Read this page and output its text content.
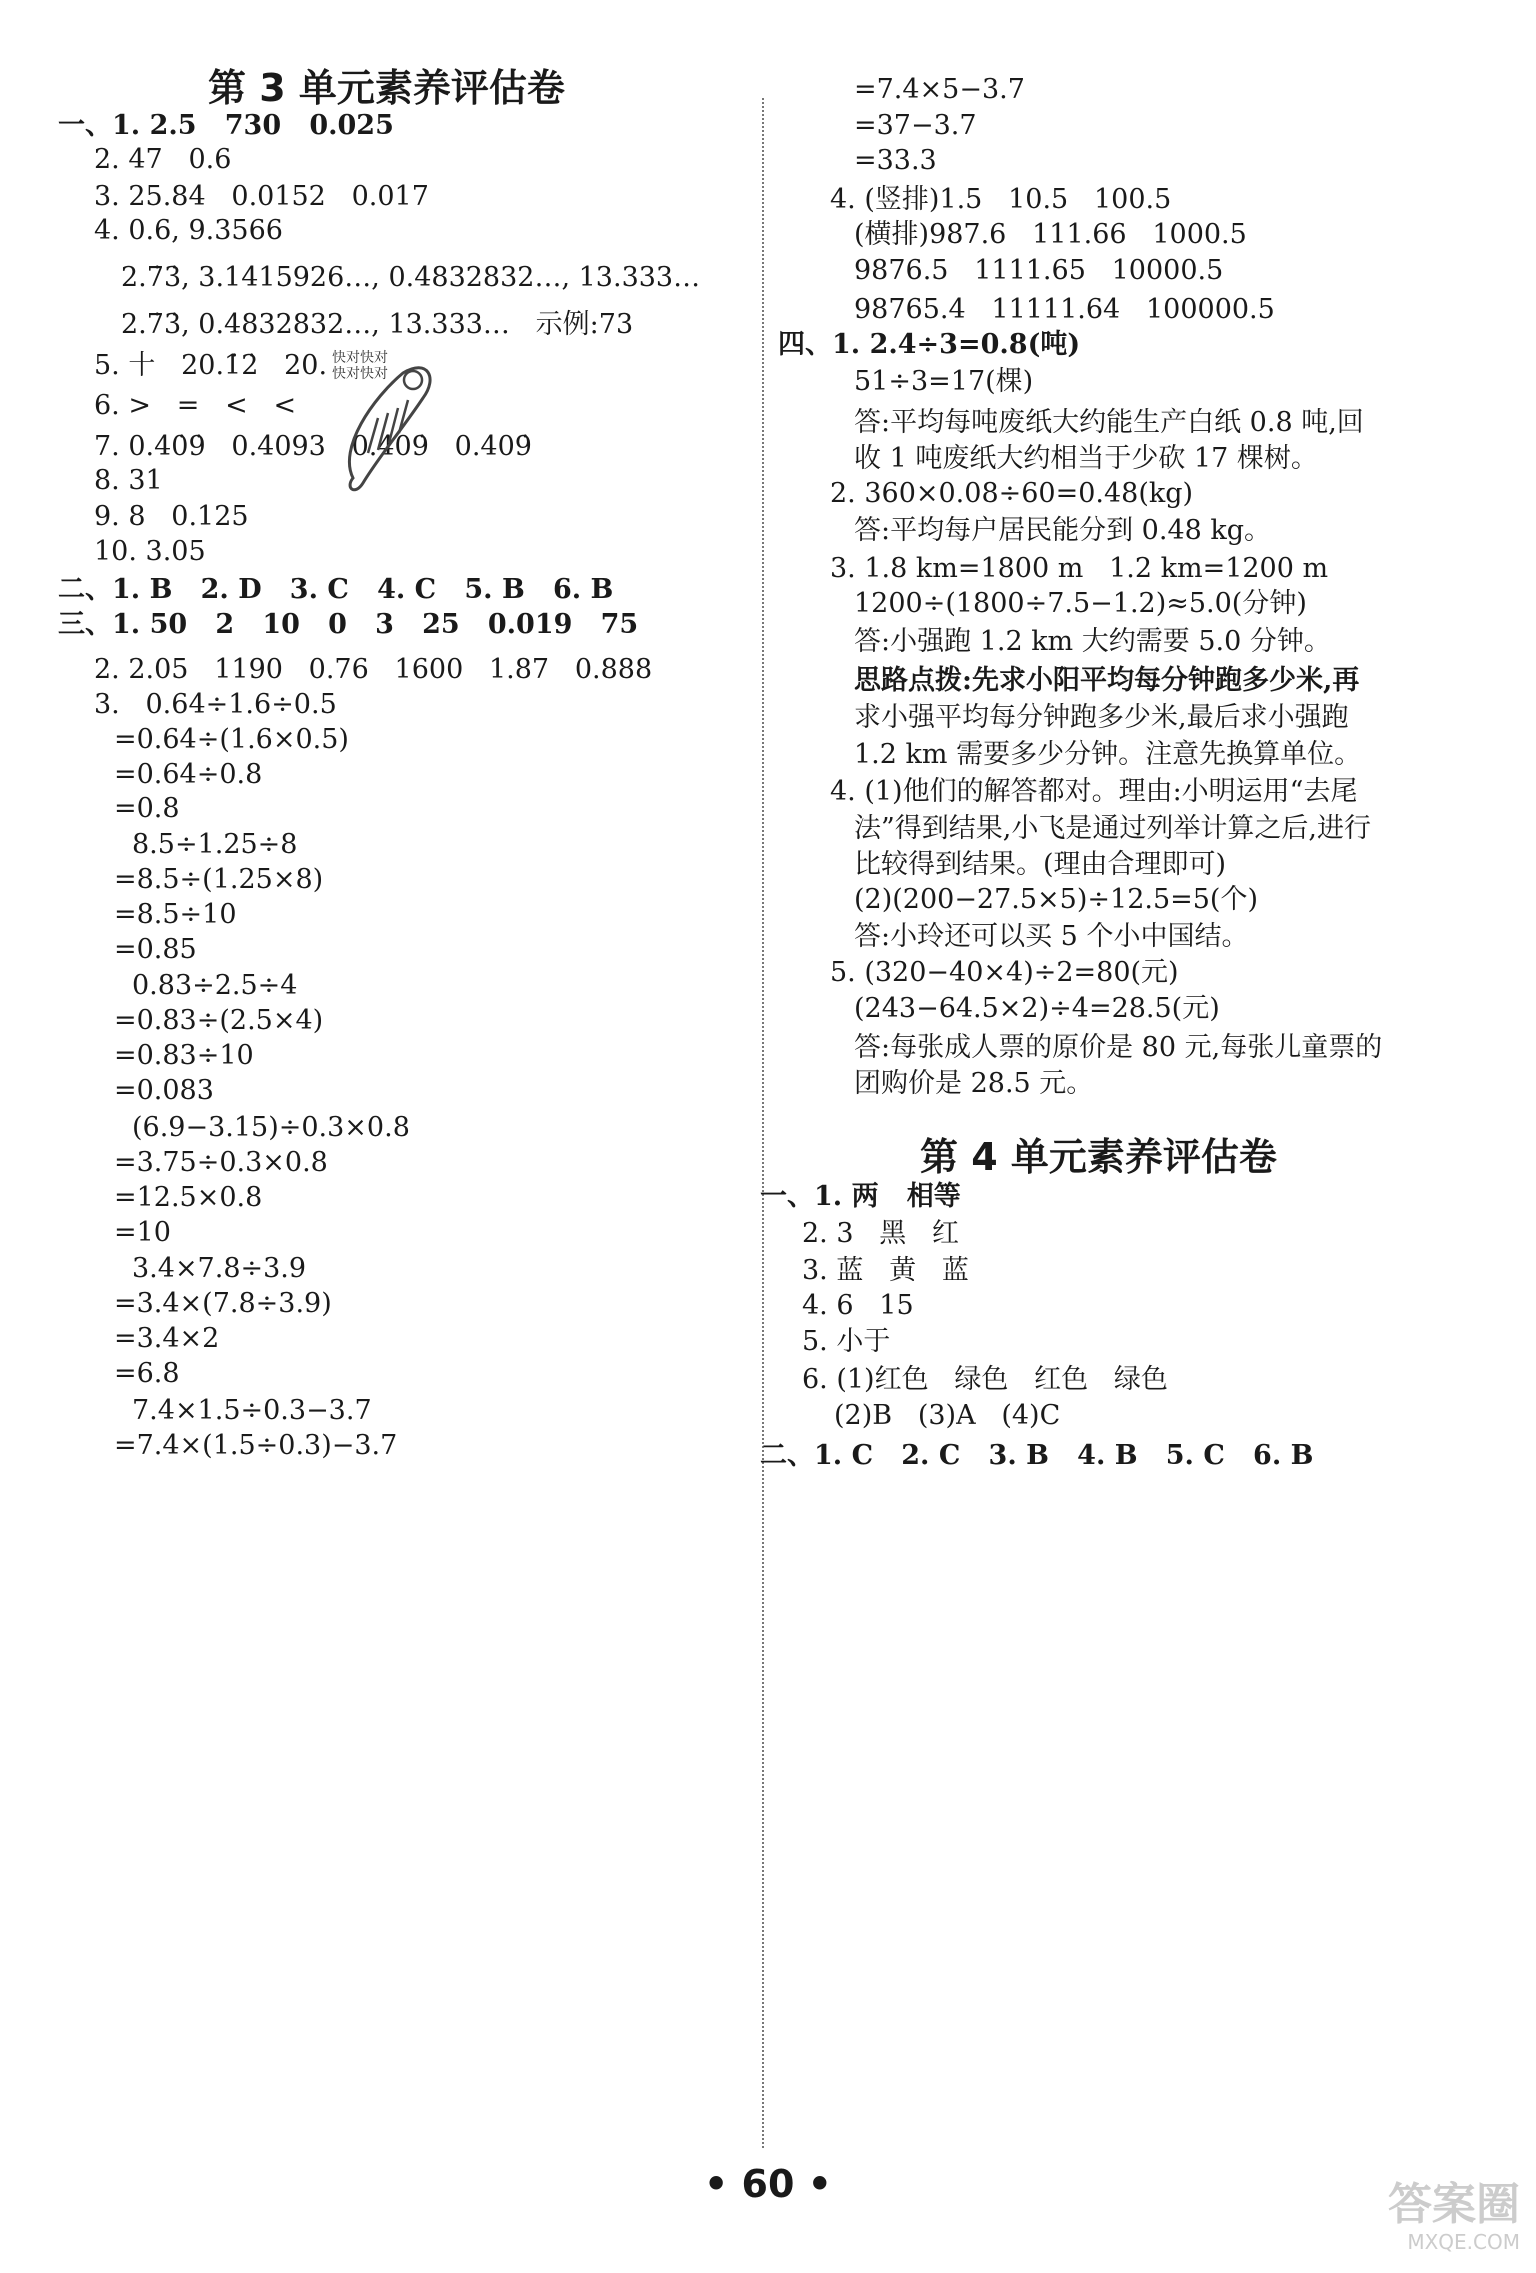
第 3 单元素养评估卷
一、1. 2.5   730   0.025
2. 47   0.6
3. 25.84   0.0152   0.017
4. 0.6, 9.3566
2.7̇3̇, 3.1415926…, 0.4832832…, 13.333…
2.7̇3̇, 0.4832832…, 13.333…   示例:73
5. 十   20.1̇2̇   20. 快对快对
快对快对
6. >   =   <   <
7. 0.40̇9̇   0.4093   0.4̇09̇   0.409̇
8. 31
9. 8   0.125
10. 3.05
二、1. B   2. D   3. C   4. C   5. B   6. B
三、1. 50   2   10   0   3   25   0.019   75
2. 2.05   1190   0.76   1600   1.87   0.888
3.   0.64÷1.6÷0.5
=0.64÷(1.6×0.5)
=0.64÷0.8
=0.8
8.5÷1.25÷8
=8.5÷(1.25×8)
=8.5÷10
=0.85
0.83÷2.5÷4
=0.83÷(2.5×4)
=0.83÷10
=0.083
(6.9−3.15)÷0.3×0.8
=3.75÷0.3×0.8
=12.5×0.8
=10
3.4×7.8÷3.9
=3.4×(7.8÷3.9)
=3.4×2
=6.8
7.4×1.5÷0.3−3.7
=7.4×(1.5÷0.3)−3.7
=7.4×5−3.7
=37−3.7
=33.3
4. (竖排)1.5   10.5   100.5
(横排)987.6   111.66   1000.5
9876.5   1111.65   10000.5
98765.4   11111.64   100000.5
四、1. 2.4÷3=0.8(吨)
51÷3=17(棵)
答:平均每吨废纸大约能生产白纸 0.8 吨,回
收 1 吨废纸大约相当于少砍 17 棵树。
2. 360×0.08÷60=0.48(kg)
答:平均每户居民能分到 0.48 kg。
3. 1.8 km=1800 m   1.2 km=1200 m
1200÷(1800÷7.5−1.2)≈5.0(分钟)
答:小强跑 1.2 km 大约需要 5.0 分钟。
思路点拨:先求小阳平均每分钟跑多少米,再
求小强平均每分钟跑多少米,最后求小强跑
1.2 km 需要多少分钟。注意先换算单位。
4. (1)他们的解答都对。理由:小明运用“去尾
法”得到结果,小飞是通过列举计算之后,进行
比较得到结果。(理由合理即可)
(2)(200−27.5×5)÷12.5=5(个)
答:小玲还可以买 5 个小中国结。
5. (320−40×4)÷2=80(元)
(243−64.5×2)÷4=28.5(元)
答:每张成人票的原价是 80 元,每张儿童票的
团购价是 28.5 元。
第 4 单元素养评估卷
一、1. 两   相等
2. 3   黑   红
3. 蓝   黄   蓝
4. 6   15
5. 小于
6. (1)红色   绿色   红色   绿色
(2)B   (3)A   (4)C
二、1. C   2. C   3. B   4. B   5. C   6. B
• 60 •	答案圈
MXQE.COM
